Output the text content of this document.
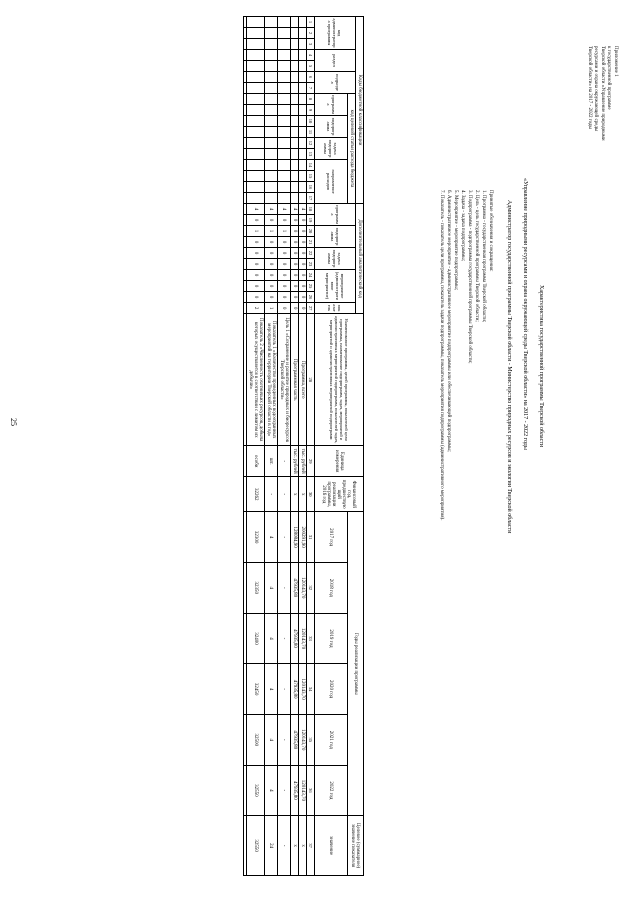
25
Приложение 1
к государственной программе
Тверской области «Управление природными
ресурсами и охрана окружающей среды
Тверской области» на 2017 - 2022 годы
Характеристика государственной программы Тверской области
«Управление природными ресурсами и охрана окружающей среды Тверской области» на 2017 - 2022 годы
Администратор государственной программы Тверской области - Министерство природных ресурсов и экологии Тверской области
Принятые обозначения и сокращения:
1. Программа - государственная программа Тверской области;
2. Цель - цель государственной программы Тверской области;
3. Подпрограмма - подпрограмма государственной программы Тверской области;
4. Задача - задача подпрограммы;
5. Мероприятие - мероприятие подпрограммы;
6. Административное мероприятие - административное мероприятие подпрограммы или обеспечивающей подпрограммы;
7. Показатель - показатель цели программы, показатель задачи подпрограммы, показатель мероприятия подпрограммы (административного мероприятия).
Коды бюджетной классификации																	Дополнительный аналитический код										Наименование программы, целей программы, показателей цели программы, наименование подпрограмм, задач, мероприятий и административных мероприятий подпрограмм, показателей задач, мероприятий и административных мероприятий подпрограмм	Единица измерения	Финансовый год, предшествующий реализации программы, 2016 год	Годы реализации программы						Целевое (суммарное) значение показателя
код администратора программы			раздел		подраздел		код целевой статьи расхода бюджета										программа		подпрограмма		задача подпрограммы		мероприятие (административное мероприятие)			показатель										
							программа		подпрограмма		задача подпрограммы		направление расходов																							
																														2017 год	2018 год	2019 год	2020 год	2021 год	2022 год	значение
1	2	3	4	5	6	7	8	9	10	11	12	13	14	15	16	17	18	19	20	21	22	23	24	25	26	27	28	29	30	31	32	33	34	35	36	37
																	4	0	0	0	0	0	0	0	0	0	Программа, всего	тыс. рублей	x	200291,90	120143,70	120143,70	120143,70	120143,70	120143,70	x
																	4	0	0	0	0	0	0	0	0	0	Программная часть	тыс. рублей	x	128084,90	47935,80	47935,80	47935,80	47935,80	47935,80	x
																	4	0	1	0	0	0	0	0	0	0	Цель 1 «Сохранение и развитие природных и биоресурсов Тверской области»	-	-	-	-	-	-	-	-	-
																	4	0	1	0	0	0	0	0	0	1	Показатель 1 «Количество проведенных водоохранных мероприятий на территории Тверской области в год»	шт.	-	4	4	4	4	4	4	24
																	4	0	1	0	0	0	0	0	0	2	Показатель 2 «Численность охотничьих ресурсов, добыча которых осуществляется в соответствии с лимитом их добычи»	особи	32262	32300	32350	32400	32450	32500	32550	32550
